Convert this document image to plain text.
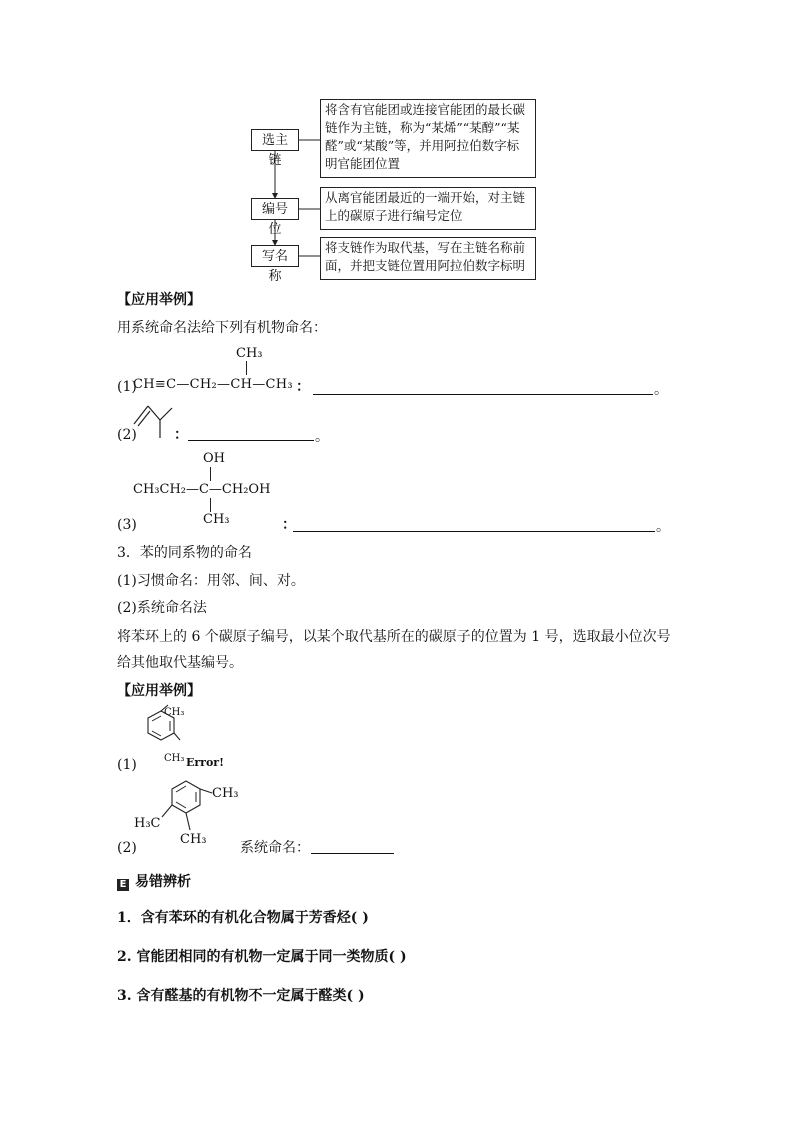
选主链
编号位
写名称
将含有官能团或连接官能团的最长碳链作为主链，称为“某烯”“某醇”“某醛”或“某酸”等，并用阿拉伯数字标明官能团位置
从离官能团最近的一端开始，对主链上的碳原子进行编号定位
将支链作为取代基，写在主链名称前面，并把支链位置用阿拉伯数字标明
【应用举例】
用系统命名法给下列有机物命名：
(1)
CH₃
CH≡C—CH₂—CH—CH₃ ：	。
(2)	：	。
OH
CH₃CH₂—C—CH₂OH
CH₃
(3)	：	。
3．苯的同系物的命名
(1)习惯命名：用邻、间、对。
(2)系统命名法
将苯环上的 6 个碳原子编号，以某个取代基所在的碳原子的位置为 1 号，选取最小位次号给其他取代基编号。
【应用举例】
CH₃
CH₃ Error!
(1)
CH₃
H₃C
CH₃
(2)	系统命名：
E 易错辨析
1．含有苯环的有机化合物属于芳香烃( )
2. 官能团相同的有机物一定属于同一类物质( )
3. 含有醛基的有机物不一定属于醛类( )
